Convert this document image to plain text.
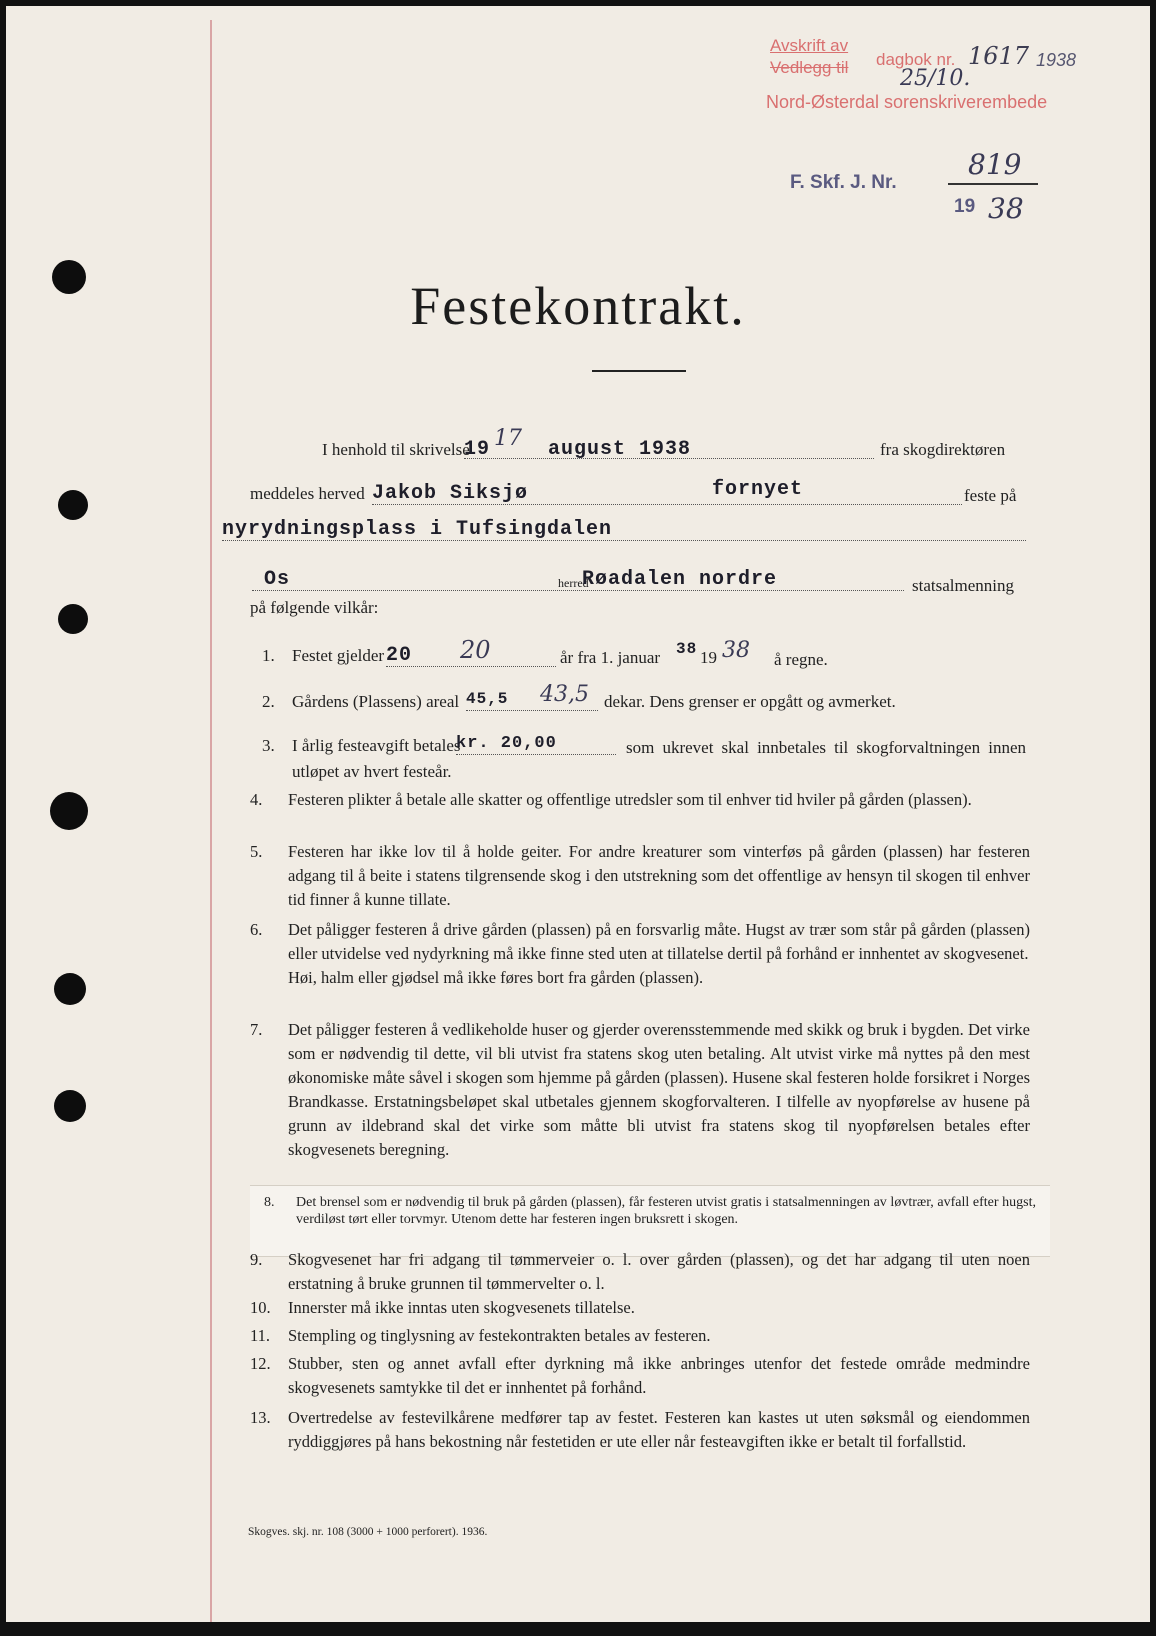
Avskrift av
Vedlegg til dagbok nr. 1617 1938
25/10.
Nord-Østerdal sorenskriverembede
F. Skf. J. Nr.
819
19 38
Festekontrakt.
I henhold til skrivelse
19 17 august 1938	fra skogdirektøren
meddeles herved Jakob Siksjø	fornyet	feste på
nyrydningsplass i Tufsingdalen
Os	herred
Røadalen nordre	statsalmenning
på følgende vilkår:
1. Festet gjelder 20 20	år fra 1. januar 38 19 38 å regne.
2. Gårdens (Plassens) areal 45,5 43,5 dekar. Dens grenser er opgått og avmerket.
3. I årlig festeavgift betales
kr. 20,00	som ukrevet skal innbetales til skogforvaltningen innen utløpet av hvert festeår.
4.	Festeren plikter å betale alle skatter og offentlige utredsler som til enhver tid hviler på gården (plassen).
5.	Festeren har ikke lov til å holde geiter. For andre kreaturer som vinterføs på gården (plassen) har festeren adgang til å beite i statens tilgrensende skog i den utstrekning som det offentlige av hensyn til skogen til enhver tid finner å kunne tillate.
6.	Det påligger festeren å drive gården (plassen) på en forsvarlig måte. Hugst av trær som står på gården (plassen) eller utvidelse ved nydyrkning må ikke finne sted uten at tillatelse dertil på forhånd er innhentet av skogvesenet.
Høi, halm eller gjødsel må ikke føres bort fra gården (plassen).
7.	Det påligger festeren å vedlikeholde huser og gjerder overensstemmende med skikk og bruk i bygden. Det virke som er nødvendig til dette, vil bli utvist fra statens skog uten betaling. Alt utvist virke må nyttes på den mest økonomiske måte såvel i skogen som hjemme på gården (plassen). Husene skal festeren holde forsikret i Norges Brandkasse. Erstatningsbeløpet skal utbetales gjennem skogforvalteren. I tilfelle av nyopførelse av husene på grunn av ildebrand skal det virke som måtte bli utvist fra statens skog til nyopførelsen betales efter skogvesenets beregning.
8. Det brensel som er nødvendig til bruk på gården (plassen), får festeren utvist gratis i statsalmenningen av løvtrær, avfall efter hugst, verdiløst tørt eller torvmyr. Utenom dette har festeren ingen bruksrett i skogen.
9.	Skogvesenet har fri adgang til tømmerveier o. l. over gården (plassen), og det har adgang til uten noen erstatning å bruke grunnen til tømmervelter o. l.
10.	Innerster må ikke inntas uten skogvesenets tillatelse.
11.	Stempling og tinglysning av festekontrakten betales av festeren.
12.	Stubber, sten og annet avfall efter dyrkning må ikke anbringes utenfor det festede område medmindre skogvesenets samtykke til det er innhentet på forhånd.
13.	Overtredelse av festevilkårene medfører tap av festet. Festeren kan kastes ut uten søksmål og eiendommen ryddiggjøres på hans bekostning når festetiden er ute eller når festeavgiften ikke er betalt til forfallstid.
Skogves. skj. nr. 108 (3000 + 1000 perforert). 1936.
